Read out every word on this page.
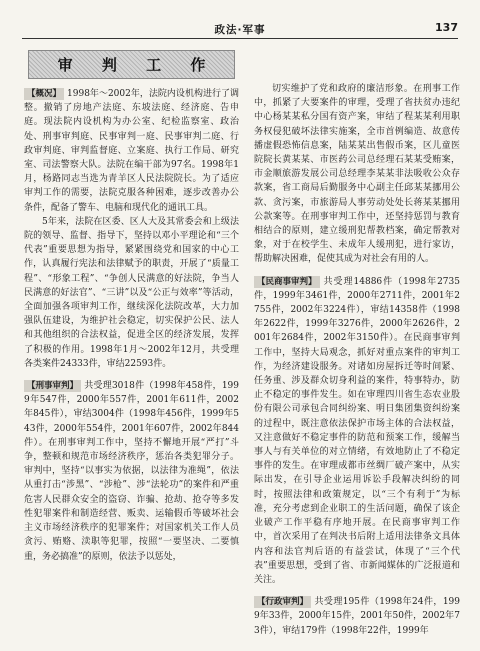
政法·军事	137
审 判 工 作

【概况】 1998年～2002年，法院内设机构进行了调整。撤销了房地产法庭、东坡法庭、经济庭、告申庭。现法院内设机构为办公室、纪检监察室、政治处、刑事审判庭、民事审判一庭、民事审判二庭、行政审判庭、审判监督庭、立案庭、执行工作局、研究室、司法警察大队。法院在编干部为97名。1998年1月，杨路同志当选为青羊区人民法院院长。为了适应审判工作的需要，法院克服各种困难，逐步改善办公条件，配备了警车、电脑和现代化的通讯工具。

5年来，法院在区委、区人大及其常委会和上级法院的领导、监督、指导下，坚持以邓小平理论和“三个代表”重要思想为指导，紧紧围绕党和国家的中心工作，认真履行宪法和法律赋予的职责，开展了“质量工程”、“形象工程”、“争创人民满意的好法院，争当人民满意的好法官”、“三讲”以及“公正与效率”等活动，全面加强各项审判工作，继续深化法院改革，大力加强队伍建设，为维护社会稳定，切实保护公民、法人和其他组织的合法权益，促进全区的经济发展，发挥了积极的作用。1998年1月～2002年12月，共受理各类案件24333件，审结22593件。

【刑事审判】 共受理3018件（1998年458件，1999年547件，2000年557件，2001年611件，2002年845件），审结3004件（1998年456件，1999年543件，2000年554件，2001年607件，2002年844件）。在刑事审判工作中，坚持不懈地开展“严打”斗争，整顿和规范市场经济秩序，惩治各类犯罪分子。审判中，坚持“以事实为依据，以法律为准绳”，依法从重打击“涉黑”、“涉枪”、涉“法轮功”的案件和严重危害人民群众安全的盗窃、诈骗、抢劫、抢夺等多发性犯罪案件和制造经营、贩卖、运输假币等破坏社会主义市场经济秩序的犯罪案件；对国家机关工作人员贪污、贿赂、渎职等犯罪，按照“一要坚决、二要慎重，务必搞准”的原则，依法予以惩处，

切实维护了党和政府的廉洁形象。在刑事工作中，抓紧了大要案件的审理，受理了省扶贫办违纪中心杨某某私分国有资产案，审结了程某某利用职务权侵犯破坏法律实施案，全市首例编造、故意传播虚假恐怖信息案，陆某某出售假币案，区儿童医院院长黄某某、市医药公司总经理石某某受贿案，市金顺旅游发展公司总经理李某某非法吸收公众存款案，省工商局后勤服务中心副主任邱某某挪用公款、贪污案，市旅游局人事劳动处处长蒋某某挪用公款案等。在刑事审判工作中，还坚持惩罚与教育相结合的原则，建立缓刑犯帮教档案，确定帮教对象，对于在校学生、未成年人缓刑犯，进行家访，帮助解决困难，促使其成为对社会有用的人。

【民商事审判】 共受理14886件（1998年2735件，1999年3461件，2000年2711件，2001年2755件，2002年3224件），审结14358件（1998年2622件，1999年3276件，2000年2626件，2001年2684件，2002年3150件）。在民商事审判工作中，坚持大局观念，抓好对重点案件的审判工作，为经济建设服务。对诸如房屋拆迁等时间紧、任务重、涉及群众切身利益的案件，特事特办，防止不稳定的事件发生。如在审理四川省生态农业股份有限公司承包合同纠纷案、明日集团集资纠纷案的过程中，既注意依法保护市场主体的合法权益，又注意做好不稳定事件的防范和预案工作，缓解当事人与有关单位的对立情绪，有效地防止了不稳定事件的发生。在审理成都市丝绸厂破产案中，从实际出发，在引导企业运用诉讼手段解决纠纷的同时，按照法律和政策规定，以“三个有利于”为标准，充分考虑到企业职工的生活问题，确保了该企业破产工作平稳有序地开展。在民商事审判工作中，首次采用了在判决书后附上适用法律条文具体内容和法官判后语的有益尝试，体现了“三个代表”重要思想，受到了省、市新闻媒体的广泛报道和关注。

【行政审判】 共受理195件（1998年24件，1999年33件，2000年15件，2001年50件，2002年73件），审结179件（1998年22件，1999年
